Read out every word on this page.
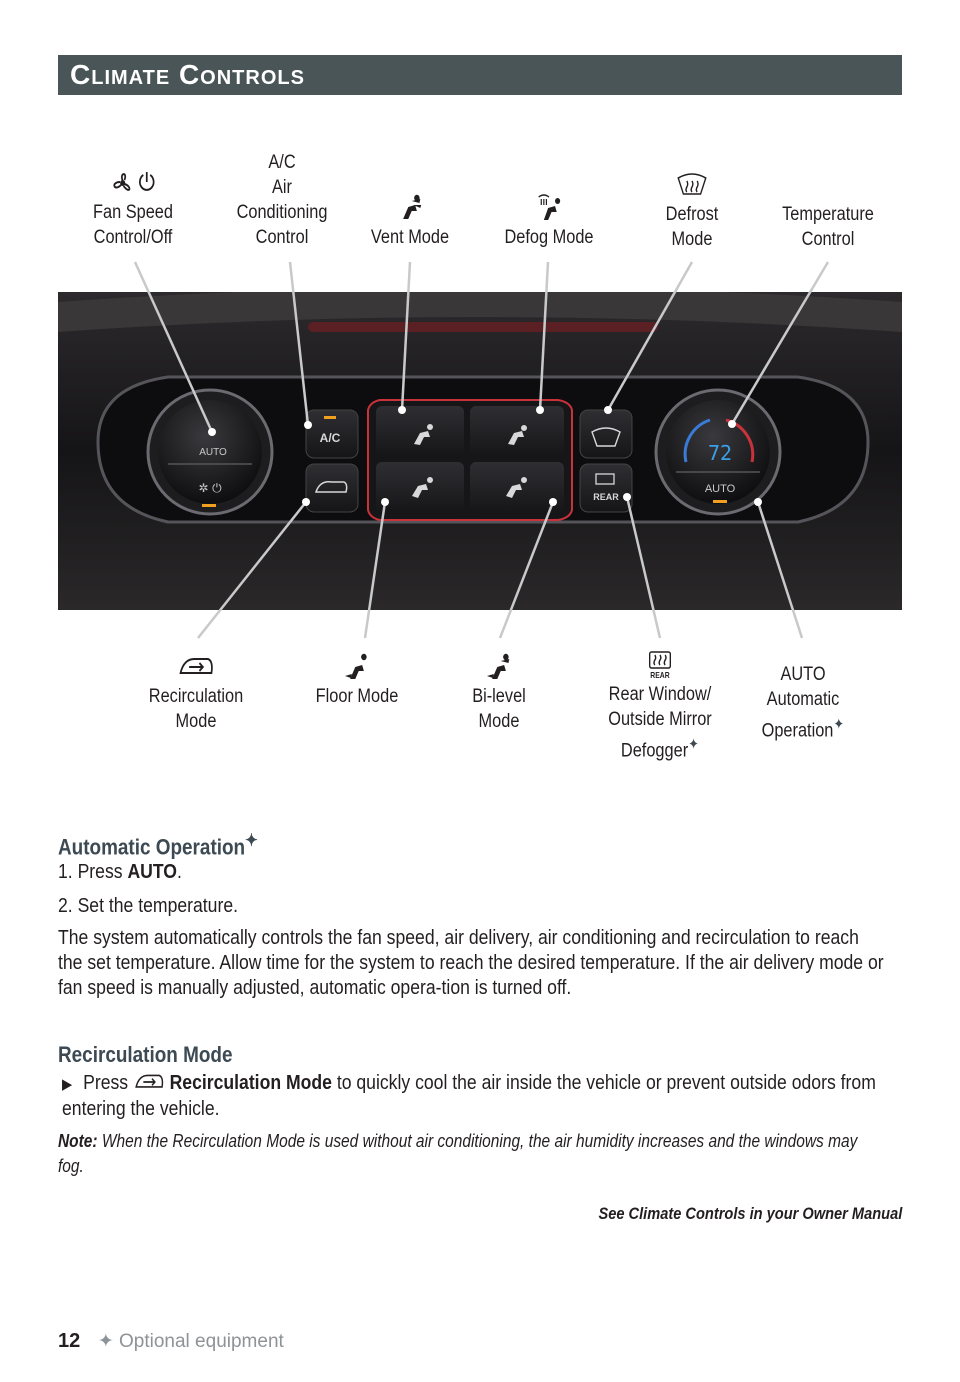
Climate Controls
Fan Speed
Control/Off
A/C
Air
Conditioning
Control	Vent Mode	Defog Mode
Defrost
Mode
Temperature
Control
AUTO
✲ ⏻
A/C
REAR
72
AUTO
Recirculation
Mode
Floor Mode	Bi-level
Mode
REAR
Rear Window/
Outside Mirror
Defogger✦
AUTO
Automatic
Operation✦
Automatic Operation✦
1. Press AUTO.
2. Set the temperature.
The system automatically controls the fan speed, air delivery, air conditioning and recirculation to reach the set temperature. Allow time for the system to reach the desired temperature. If the air delivery mode or fan speed is manually adjusted, automatic opera-tion is turned off.
Recirculation Mode
▶ Press  Recirculation Mode to quickly cool the air inside the vehicle or prevent outside odors from entering the vehicle.
Note: When the Recirculation Mode is used without air conditioning, the air humidity increases and the windows may fog.
See Climate Controls in your Owner Manual
12 ✦ Optional equipment
